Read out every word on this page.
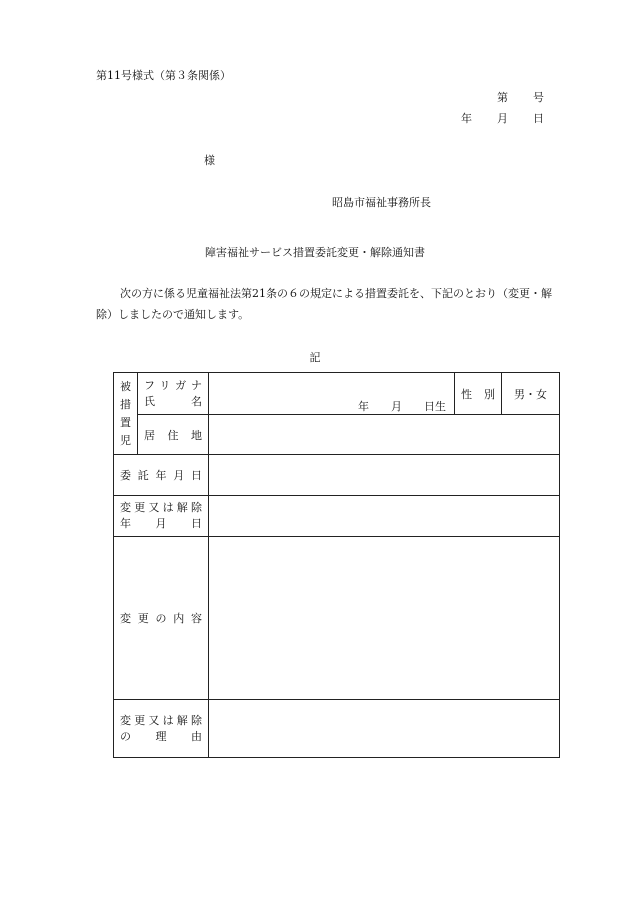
第11号様式（第３条関係）
第 号
年 月 日
様
昭島市福祉事務所長
障害福祉サービス措置委託変更・解除通知書
次の方に係る児童福祉法第21条の６の規定による措置委託を、下記のとおり（変更・解除）しましたので通知します。
記
被
措
置
児	フリガナ
氏名	年 月 日生	性別	男・女
	居住地			
委託年月日				

変更又は解除
年月日				

変更の内容				

変更又は解除
の理由				
